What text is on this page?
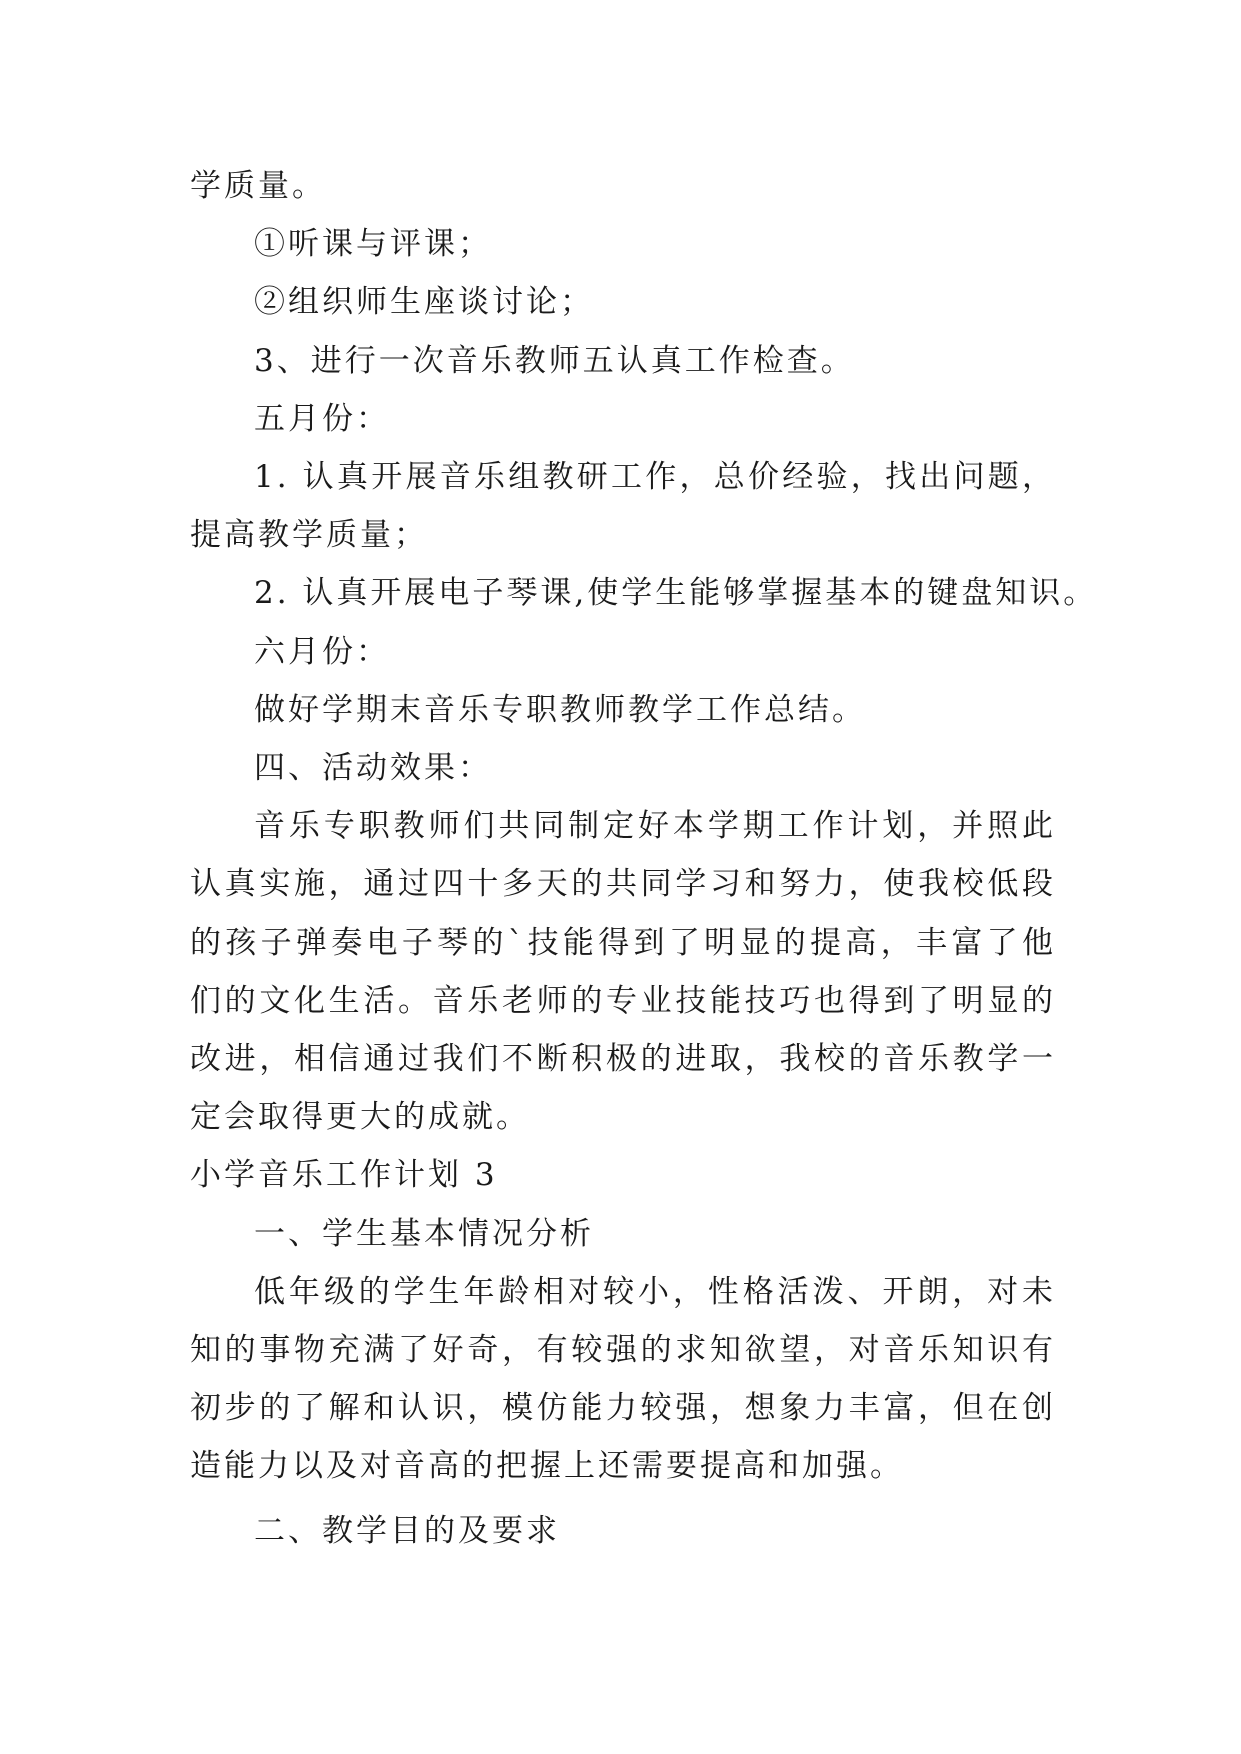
学质量。

①听课与评课；

②组织师生座谈讨论；

3、进行一次音乐教师五认真工作检查。

五月份：

1. 认真开展音乐组教研工作，总价经验，找出问题，提高教学质量；

2. 认真开展电子琴课,使学生能够掌握基本的键盘知识。

六月份：

做好学期末音乐专职教师教学工作总结。

四、活动效果：

音乐专职教师们共同制定好本学期工作计划，并照此认真实施，通过四十多天的共同学习和努力，使我校低段的孩子弹奏电子琴的`技能得到了明显的提高，丰富了他们的文化生活。音乐老师的专业技能技巧也得到了明显的改进，相信通过我们不断积极的进取，我校的音乐教学一定会取得更大的成就。

小学音乐工作计划 3

一、学生基本情况分析

低年级的学生年龄相对较小，性格活泼、开朗，对未知的事物充满了好奇，有较强的求知欲望，对音乐知识有初步的了解和认识，模仿能力较强，想象力丰富，但在创造能力以及对音高的把握上还需要提高和加强。

二、教学目的及要求
